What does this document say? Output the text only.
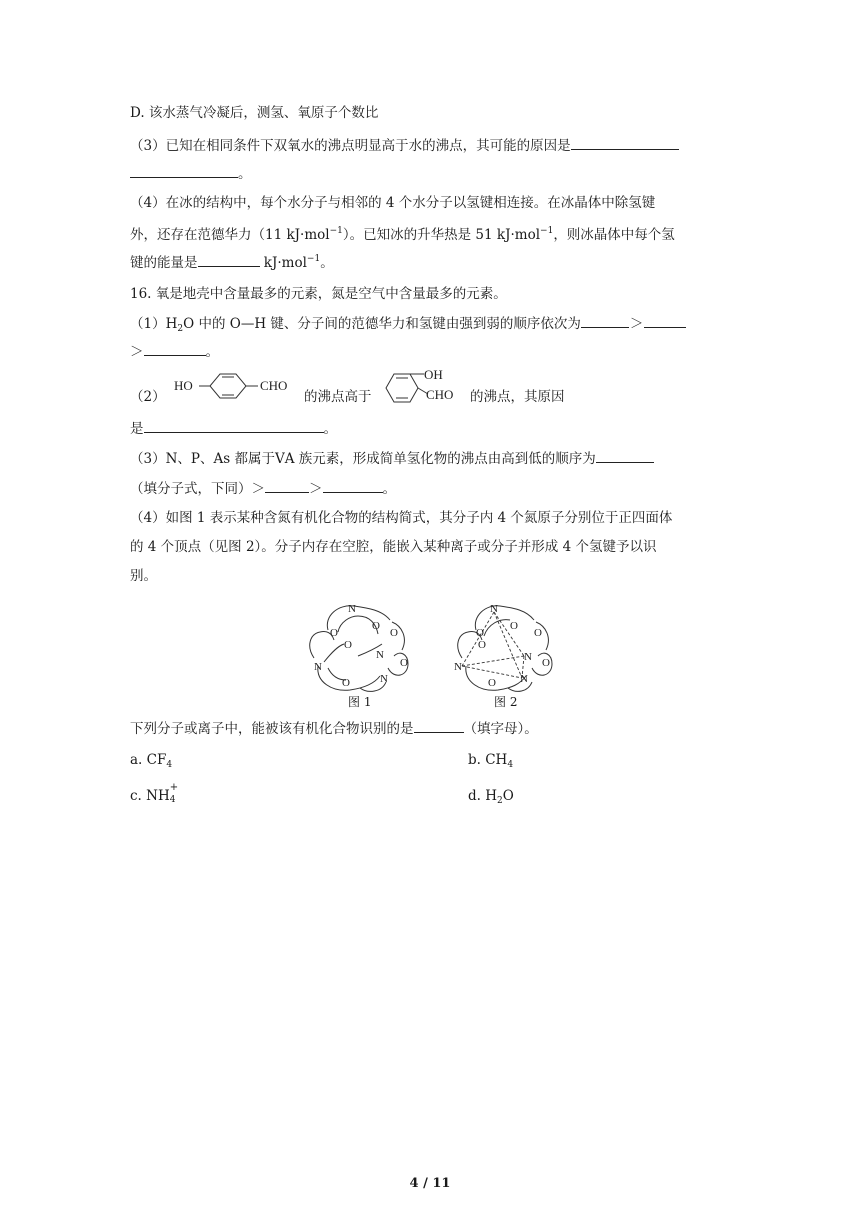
D. 该水蒸气冷凝后，测氢、氧原子个数比
（3）已知在相同条件下双氧水的沸点明显高于水的沸点，其可能的原因是
。
（4）在冰的结构中，每个水分子与相邻的 4 个水分子以氢键相连接。在冰晶体中除氢键
外，还存在范德华力（11 kJ·mol$^{-1}$）。已知冰的升华热是 51 kJ·mol$^{-1}$，则冰晶体中每个氢
键的能量是	kJ·mol$^{-1}$。
16. 氧是地壳中含量最多的元素，氮是空气中含量最多的元素。
$(1)H_2O$ 中的 O—H 键、分子间的范德华力和氢键由强到弱的顺序依次为	＞
＞	。
（2）
HO	CHO
的沸点高于
OH
CHO 的沸点，其原因
是	。
（3）N、P、As 都属于ⅤA 族元素，形成简单氢化物的沸点由高到低的顺序为
（填分子式，下同）＞	＞	。
（4）如图 1 表示某种含氮有机化合物的结构简式，其分子内 4 个氮原子分别位于正四面体
的 4 个顶点（见图 2）。分子内存在空腔，能嵌入某种离子或分子并形成 4 个氢键予以识
别。
N
O
O
O
O
N
O
N
O	N
图 1
N
O
O
O
O
N O
N
O N
图 2
下列分子或离子中，能被该有机化合物识别的是	（填字母）。
a. $CF_4$	b. $CH_4$
c. NH
+
4	d. $H_2O$
4 / 11
